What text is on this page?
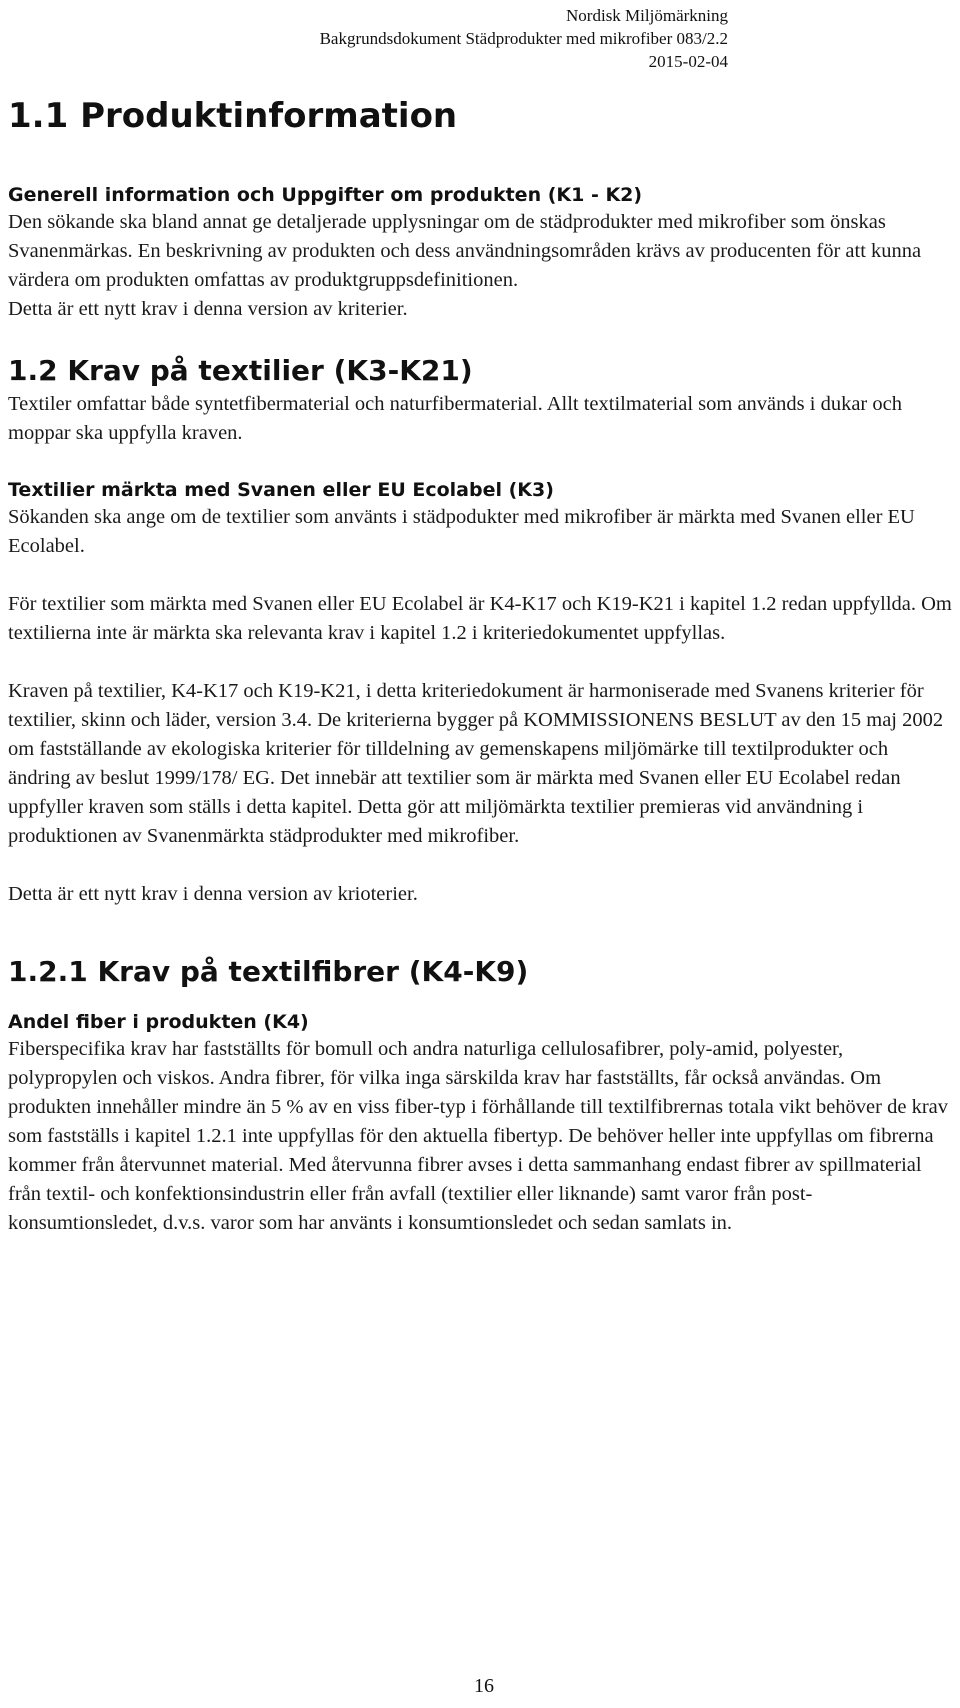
Nordisk Miljömärkning
Bakgrundsdokument Städprodukter med mikrofiber 083/2.2
2015-02-04
1.1 Produktinformation
Generell information och Uppgifter om produkten (K1 - K2)

Den sökande ska bland annat ge detaljerade upplysningar om de städprodukter med mikrofiber som önskas Svanenmärkas. En beskrivning av produkten och dess användningsområden krävs av producenten för att kunna värdera om produkten omfattas av produktgruppsdefinitionen.

Detta är ett nytt krav i denna version av kriterier.

1.2 Krav på textilier (K3-K21)

Textiler omfattar både syntetfibermaterial och naturfibermaterial. Allt textilmaterial som används i dukar och moppar ska uppfylla kraven.

Textilier märkta med Svanen eller EU Ecolabel (K3)

Sökanden ska ange om de textilier som använts i städpodukter med mikrofiber är märkta med Svanen eller EU Ecolabel.

För textilier som märkta med Svanen eller EU Ecolabel är K4-K17 och K19-K21 i kapitel 1.2 redan uppfyllda. Om textilierna inte är märkta ska relevanta krav i kapitel 1.2 i kriteriedokumentet uppfyllas.

Kraven på textilier, K4-K17 och K19-K21, i detta kriteriedokument är harmoniserade med Svanens kriterier för textilier, skinn och läder, version 3.4. De kriterierna bygger på KOMMISSIONENS BESLUT av den 15 maj 2002 om fastställande av ekologiska kriterier för tilldelning av gemenskapens miljömärke till textilprodukter och ändring av beslut 1999/178/ EG. Det innebär att textilier som är märkta med Svanen eller EU Ecolabel redan uppfyller kraven som ställs i detta kapitel. Detta gör att miljömärkta textilier premieras vid användning i produktionen av Svanenmärkta städprodukter med mikrofiber.

Detta är ett nytt krav i denna version av krioterier.

1.2.1 Krav på textilfibrer (K4-K9)
Andel fiber i produkten (K4)

Fiberspecifika krav har fastställts för bomull och andra naturliga cellulosafibrer, poly-amid, polyester, polypropylen och viskos. Andra fibrer, för vilka inga särskilda krav har fastställts, får också användas. Om produkten innehåller mindre än 5 % av en viss fiber-typ i förhållande till textilfibrernas totala vikt behöver de krav som fastställs i kapitel 1.2.1 inte uppfyllas för den aktuella fibertyp. De behöver heller inte uppfyllas om fibrerna kommer från återvunnet material. Med återvunna fibrer avses i detta sammanhang endast fibrer av spillmaterial från textil- och konfektionsindustrin eller från avfall (textilier eller liknande) samt varor från post-konsumtionsledet, d.v.s. varor som har använts i konsumtionsledet och sedan samlats in.

16
